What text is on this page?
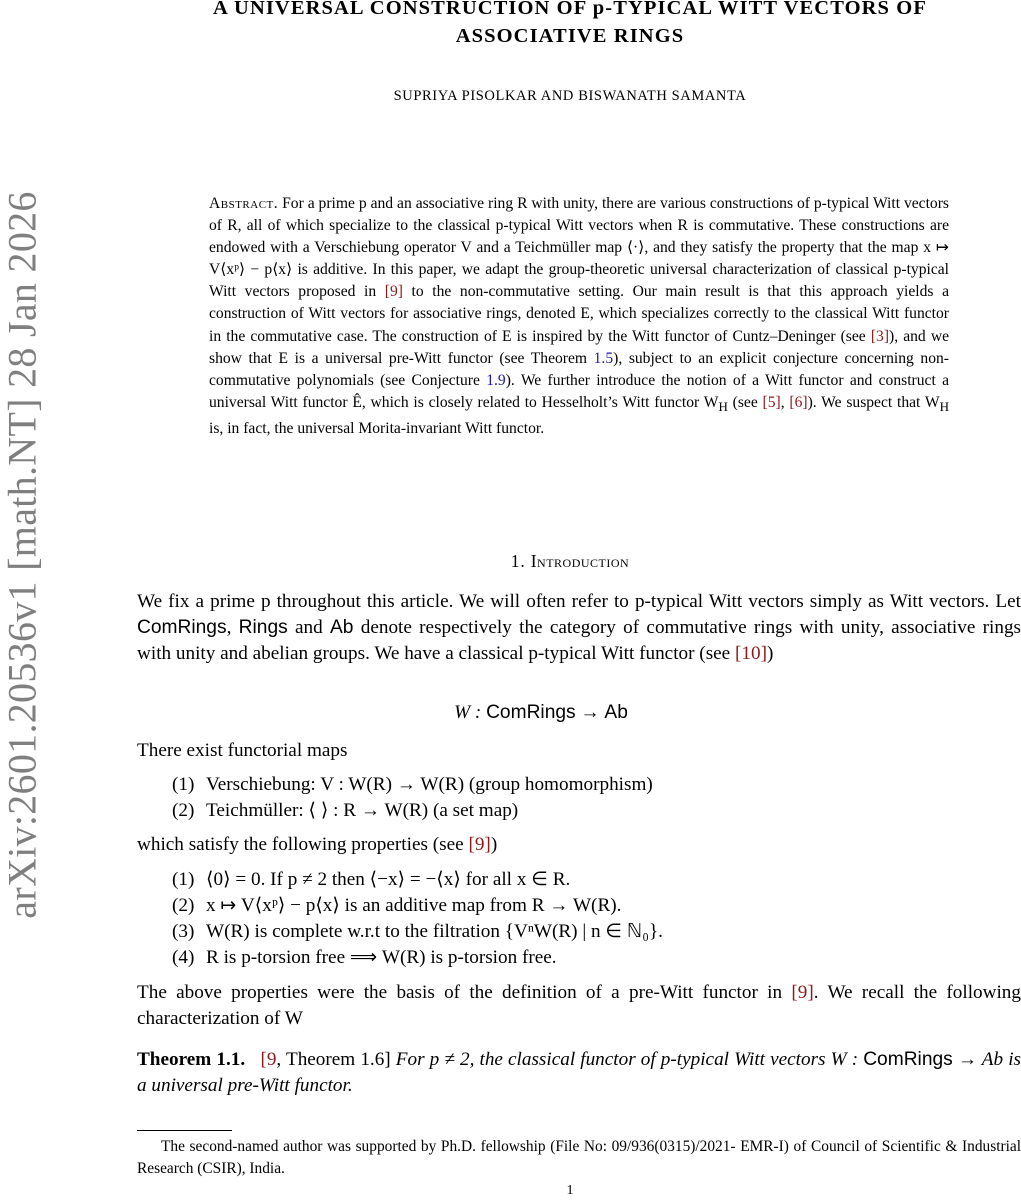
arXiv:2601.20536v1 [math.NT] 28 Jan 2026
A UNIVERSAL CONSTRUCTION OF p-TYPICAL WITT VECTORS OF
ASSOCIATIVE RINGS
SUPRIYA PISOLKAR AND BISWANATH SAMANTA
Abstract. For a prime p and an associative ring R with unity, there are various constructions of p-typical Witt vectors of R, all of which specialize to the classical p-typical Witt vectors when R is commutative. These constructions are endowed with a Verschiebung operator V and a Teichmüller map ⟨·⟩, and they satisfy the property that the map x ↦ V⟨xᵖ⟩ − p⟨x⟩ is additive. In this paper, we adapt the group-theoretic universal characterization of classical p-typical Witt vectors proposed in [9] to the non-commutative setting. Our main result is that this approach yields a construction of Witt vectors for associative rings, denoted E, which specializes correctly to the classical Witt functor in the commutative case. The construction of E is inspired by the Witt functor of Cuntz–Deninger (see [3]), and we show that E is a universal pre-Witt functor (see Theorem 1.5), subject to an explicit conjecture concerning non-commutative polynomials (see Conjecture 1.9). We further introduce the notion of a Witt functor and construct a universal Witt functor Ê, which is closely related to Hesselholt’s Witt functor $W_H$ (see [5], [6]). We suspect that $W_H$ is, in fact, the universal Morita-invariant Witt functor.
1. Introduction
We fix a prime p throughout this article. We will often refer to p-typical Witt vectors simply as Witt vectors. Let ComRings, Rings and Ab denote respectively the category of commutative rings with unity, associative rings with unity and abelian groups. We have a classical p-typical Witt functor (see [10])
W : ComRings → Ab
There exist functorial maps
(1) Verschiebung: V : W(R) → W(R) (group homomorphism)
(2) Teichmüller: ⟨ ⟩ : R → W(R) (a set map)
which satisfy the following properties (see [9])
(1) ⟨0⟩ = 0. If p ≠ 2 then ⟨−x⟩ = −⟨x⟩ for all x ∈ R.
(2) x ↦ V⟨xᵖ⟩ − p⟨x⟩ is an additive map from R → W(R).
(3) W(R) is complete w.r.t to the filtration {VⁿW(R) | n ∈ ℕ₀}.
(4) R is p-torsion free ⟹ W(R) is p-torsion free.
The above properties were the basis of the definition of a pre-Witt functor in [9]. We recall the following characterization of W
Theorem 1.1. [9, Theorem 1.6] For p ≠ 2, the classical functor of p-typical Witt vectors W : ComRings → Ab is a universal pre-Witt functor.
The second-named author was supported by Ph.D. fellowship (File No: 09/936(0315)/2021- EMR-I) of Council of Scientific & Industrial Research (CSIR), India.
1
